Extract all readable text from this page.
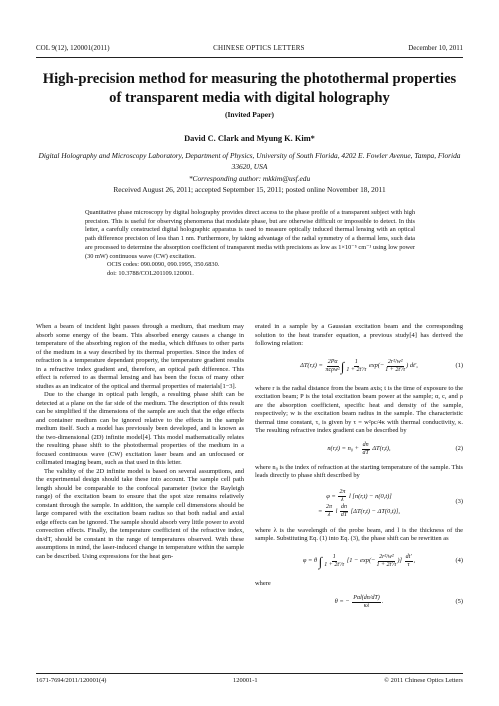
COL 9(12), 120001(2011)	CHINESE OPTICS LETTERS	December 10, 2011
High-precision method for measuring the photothermal properties of transparent media with digital holography
(Invited Paper)
David C. Clark and Myung K. Kim*
Digital Holography and Microscopy Laboratory, Department of Physics, University of South Florida, 4202 E. Fowler Avenue, Tampa, Florida 33620, USA
*Corresponding author: mkkim@usf.edu
Received August 26, 2011; accepted September 15, 2011; posted online November 18, 2011
Quantitative phase microscopy by digital holography provides direct access to the phase profile of a transparent subject with high precision. This is useful for observing phenomena that modulate phase, but are otherwise difficult or impossible to detect. In this letter, a carefully constructed digital holographic apparatus is used to measure optically induced thermal lensing with an optical path difference precision of less than 1 nm. Furthermore, by taking advantage of the radial symmetry of a thermal lens, such data are processed to determine the absorption coefficient of transparent media with precisions as low as 1×10⁻⁵ cm⁻¹ using low power (30 mW) continuous wave (CW) excitation.
OCIS codes: 090.0090, 090.1995, 350.6830.
doi: 10.3788/COL201109.120001.

When a beam of incident light passes through a medium, that medium may absorb some energy of the beam. This absorbed energy causes a change in temperature of the absorbing region of the media, which diffuses to other parts of the medium in a way described by its thermal properties. Since the index of refraction is a temperature dependant property, the temperature gradient results in a refractive index gradient and, therefore, an optical path difference. This effect is referred to as thermal lensing and has been the focus of many other studies as an indicator of the optical and thermal properties of materials[1−3].

Due to the change in optical path length, a resulting phase shift can be detected at a plane on the far side of the medium. The description of this result can be simplified if the dimensions of the sample are such that the edge effects and container medium can be ignored relative to the effects in the sample medium itself. Such a model has previously been developed, and is known as the two-dimensional (2D) infinite model[4]. This model mathematically relates the resulting phase shift to the photothermal properties of the medium in a focused continuous wave (CW) excitation laser beam and an unfocused or collimated imaging beam, such as that used in this letter.

The validity of the 2D infinite model is based on several assumptions, and the experimental design should take these into account. The sample cell path length should be comparable to the confocal parameter (twice the Rayleigh range) of the excitation beam to ensure that the spot size remains relatively constant through the sample. In addition, the sample cell dimensions should be large compared with the excitation beam radius so that both radial and axial edge effects can be ignored. The sample should absorb very little power to avoid convection effects. Finally, the temperature coefficient of the refractive index, dn/dT, should be constant in the range of temperatures observed. With these assumptions in mind, the laser-induced change in temperature within the sample can be described. Using expressions for the heat gen-

erated in a sample by a Gaussian excitation beam and the corresponding solution to the heat transfer equation, a previous study[4] has derived the following relation:

$\Delta T(r,t) = \frac{2P\alpha}{\text{πcρw²}}$ ∫ $\frac{1}{1 + 2t'/\tau}$ exp (− $\frac{\text{2r²/w²}}{1 + 2t'/\tau}$ ) dt′,	(1)

where r is the radial distance from the beam axis; t is the time of exposure to the excitation beam; P is the total excitation beam power at the sample; α, c, and ρ are the absorption coefficient, specific heat and density of the sample, respectively; w is the excitation beam radius in the sample. The characteristic thermal time constant, τ, is given by τ = w²ρc/4κ with thermal conductivity, κ. The resulting refractive index gradient can be described by

$n(r,t) = n_0 + \frac{dn}{dT} \Delta T(r,t)$,	(2)

where n₀ is the index of refraction at the starting temperature of the sample. This leads directly to phase shift described by

$\varphi = \frac{2\pi}{\lambda}$ l [n(r,t) − n(0,t)]
= $\frac{2\pi}{\lambda}$ l $\frac{dn}{dT} [\Delta T(r,t) - \Delta T(0,t)]$,
(3)

where λ is the wavelength of the probe beam, and l is the thickness of the sample. Substituting Eq. (1) into Eq. (3), the phase shift can be rewritten as

φ = θ ∫ $\frac{1}{1 + 2t'/\tau} [1 - \exp(- \frac{\text{2r²/w²}}{1 + 2t'/\tau}$ )] $\frac{dt'}{\tau}$ ,	(4)

where

θ = − $\frac{\text{Pαl(dn/dT)}}{\kappa\lambda}$ .	(5)
1671-7694/2011/120001(4)	120001-1	© 2011 Chinese Optics Letters
